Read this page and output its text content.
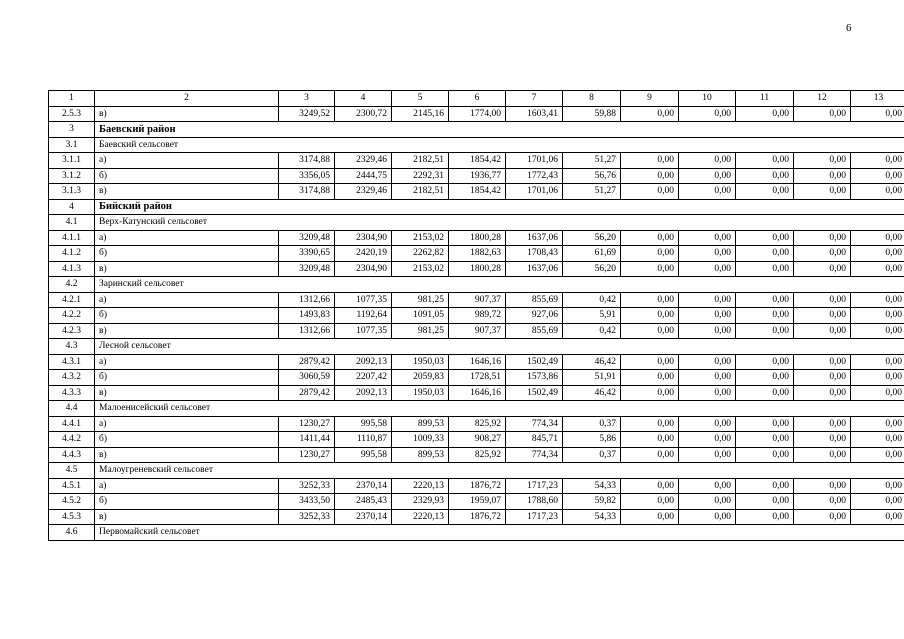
6
1	2	3	4	5	6	7	8	9	10	11	12	13
2.5.3	в)	3249,52	2300,72	2145,16	1774,00	1603,41	59,88	0,00	0,00	0,00	0,00	0,00
3	Баевский район											
3.1	Баевский сельсовет											
3.1.1	а)	3174,88	2329,46	2182,51	1854,42	1701,06	51,27	0,00	0,00	0,00	0,00	0,00
3.1.2	б)	3356,05	2444,75	2292,31	1936,77	1772,43	56,76	0,00	0,00	0,00	0,00	0,00
3.1.3	в)	3174,88	2329,46	2182,51	1854,42	1701,06	51,27	0,00	0,00	0,00	0,00	0,00
4	Бийский район											
4.1	Верх-Катунский сельсовет											
4.1.1	а)	3209,48	2304,90	2153,02	1800,28	1637,06	56,20	0,00	0,00	0,00	0,00	0,00
4.1.2	б)	3390,65	2420,19	2262,82	1882,63	1708,43	61,69	0,00	0,00	0,00	0,00	0,00
4.1.3	в)	3209,48	2304,90	2153,02	1800,28	1637,06	56,20	0,00	0,00	0,00	0,00	0,00
4.2	Заринский сельсовет											
4.2.1	а)	1312,66	1077,35	981,25	907,37	855,69	0,42	0,00	0,00	0,00	0,00	0,00
4.2.2	б)	1493,83	1192,64	1091,05	989,72	927,06	5,91	0,00	0,00	0,00	0,00	0,00
4.2.3	в)	1312,66	1077,35	981,25	907,37	855,69	0,42	0,00	0,00	0,00	0,00	0,00
4.3	Лесной сельсовет											
4.3.1	а)	2879,42	2092,13	1950,03	1646,16	1502,49	46,42	0,00	0,00	0,00	0,00	0,00
4.3.2	б)	3060,59	2207,42	2059,83	1728,51	1573,86	51,91	0,00	0,00	0,00	0,00	0,00
4.3.3	в)	2879,42	2092,13	1950,03	1646,16	1502,49	46,42	0,00	0,00	0,00	0,00	0,00
4.4	Малоенисейский сельсовет											
4.4.1	а)	1230,27	995,58	899,53	825,92	774,34	0,37	0,00	0,00	0,00	0,00	0,00
4.4.2	б)	1411,44	1110,87	1009,33	908,27	845,71	5,86	0,00	0,00	0,00	0,00	0,00
4.4.3	в)	1230,27	995,58	899,53	825,92	774,34	0,37	0,00	0,00	0,00	0,00	0,00
4.5	Малоугреневский сельсовет											
4.5.1	а)	3252,33	2370,14	2220,13	1876,72	1717,23	54,33	0,00	0,00	0,00	0,00	0,00
4.5.2	б)	3433,50	2485,43	2329,93	1959,07	1788,60	59,82	0,00	0,00	0,00	0,00	0,00
4.5.3	в)	3252,33	2370,14	2220,13	1876,72	1717,23	54,33	0,00	0,00	0,00	0,00	0,00
4.6	Первомайский сельсовет											
